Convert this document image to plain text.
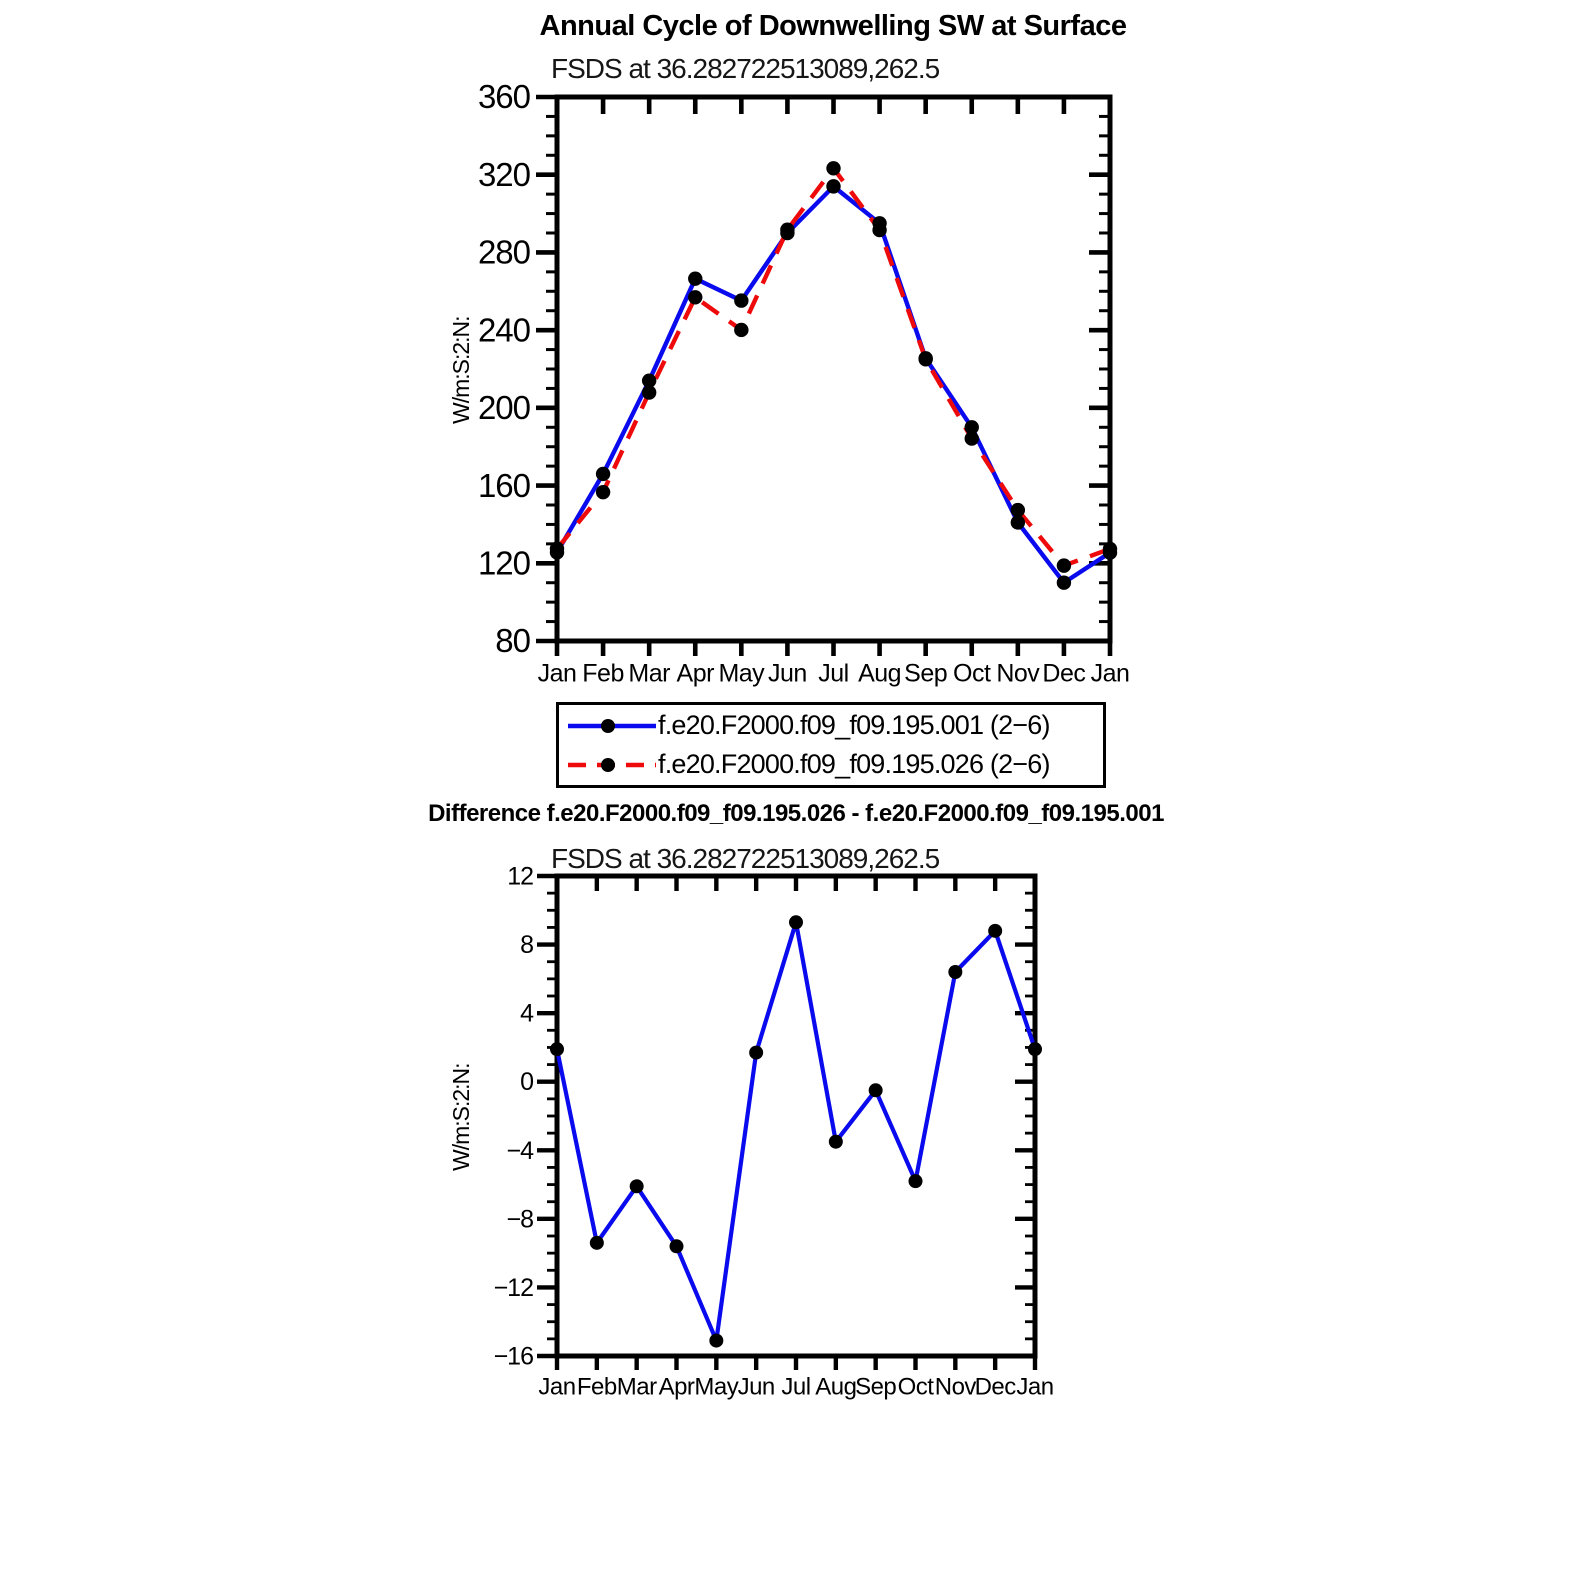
80
120
160
200
240
280
320
360
Jan Feb Mar Apr May Jun Jul Aug Sep Oct Nov Dec Jan
−16
−12
−8
−4
0
4
8
12
Jan Feb Mar Apr May Jun Jul Aug
Sep Oct Nov
Dec Jan
Annual Cycle of Downwelling SW at Surface
FSDS at 36.282722513089,262.5
W/m:S:2:N:
f.e20.F2000.f09_f09.195.001 (2−6)
f.e20.F2000.f09_f09.195.026 (2−6)
Difference f.e20.F2000.f09_f09.195.026 - f.e20.F2000.f09_f09.195.001
FSDS at 36.282722513089,262.5
W/m:S:2:N:
